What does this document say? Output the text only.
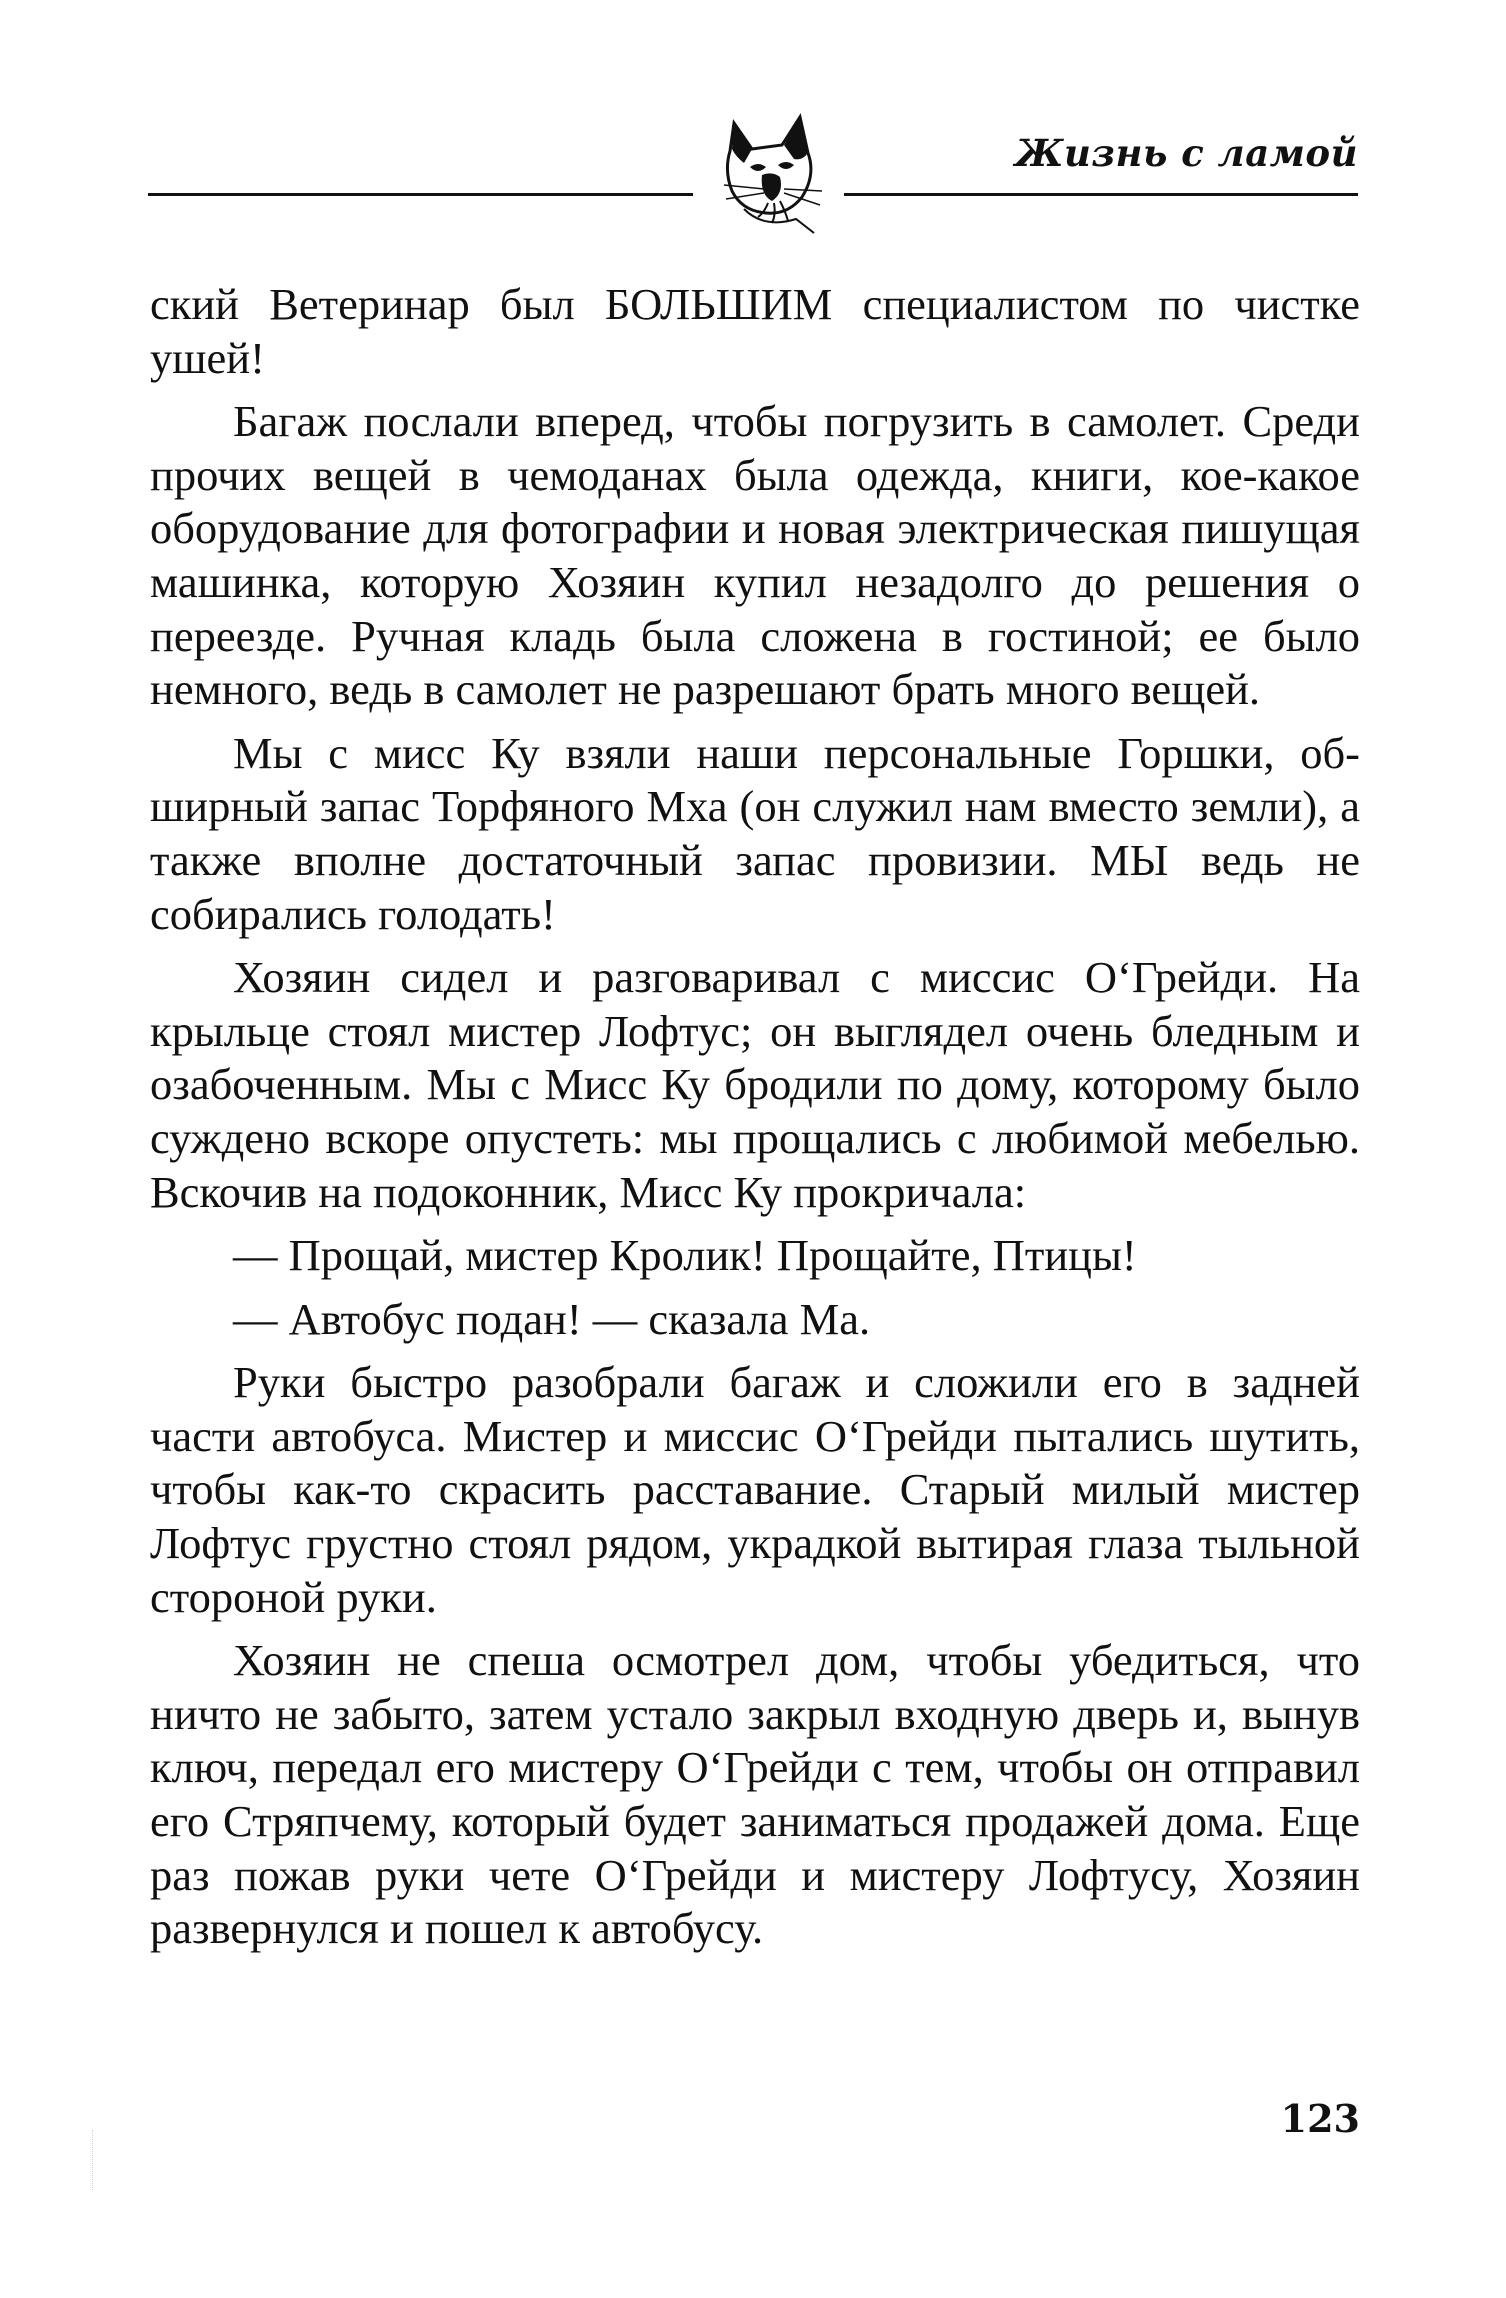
Жизнь с ламой

ский Ветеринар был БОЛЬШИМ специалистом по чистке ушей!

Багаж послали вперед, чтобы погрузить в самолет. Среди прочих вещей в чемоданах была одежда, книги, кое-какое оборудование для фотографии и новая электрическая пишущая машинка, которую Хозяин купил незадолго до решения о переезде. Ручная кладь была сложена в гостиной; ее было немного, ведь в самолет не разрешают брать много вещей.

Мы с мисс Ку взяли наши персональные Горшки, обширный запас Торфяного Мха (он служил нам вместо земли), а также вполне достаточный запас провизии. МЫ ведь не собирались голодать!

Хозяин сидел и разговаривал с миссис О‘Грейди. На крыльце стоял мистер Лофтус; он выглядел очень бледным и озабоченным. Мы с Мисс Ку бродили по дому, которому было суждено вскоре опустеть: мы прощались с любимой мебелью. Вскочив на подоконник, Мисс Ку прокричала:

— Прощай, мистер Кролик! Прощайте, Птицы!

— Автобус подан! — сказала Ма.

Руки быстро разобрали багаж и сложили его в задней части автобуса. Мистер и миссис О‘Грейди пытались шутить, чтобы как-то скрасить расставание. Старый милый мистер Лофтус грустно стоял рядом, украдкой вытирая глаза тыльной стороной руки.

Хозяин не спеша осмотрел дом, чтобы убедиться, что ничто не забыто, затем устало закрыл входную дверь и, вынув ключ, передал его мистеру О‘Грейди с тем, чтобы он отправил его Стряпчему, который будет заниматься продажей дома. Еще раз пожав руки чете О‘Грейди и мистеру Лофтусу, Хозяин развернулся и пошел к автобусу.

123
